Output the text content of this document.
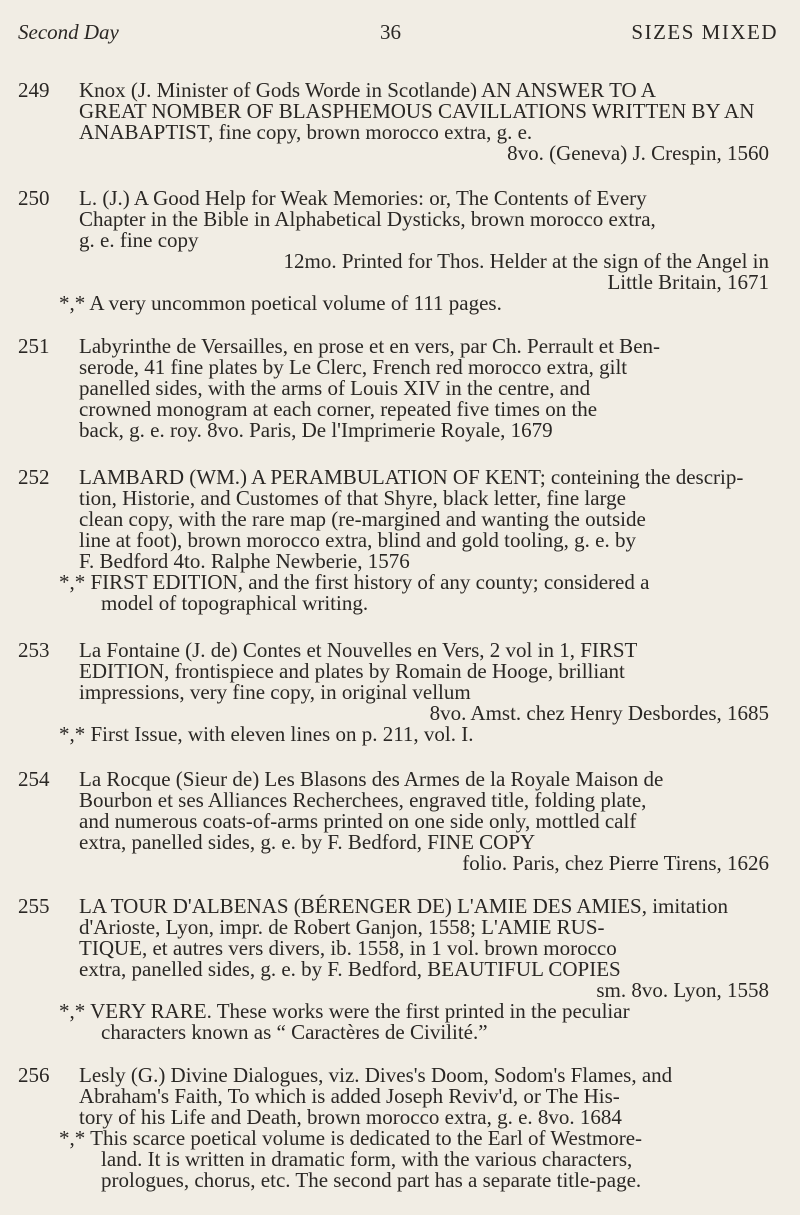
Second Day	36	SIZES MIXED
249	Knox (J. Minister of Gods Worde in Scotlande) AN ANSWER TO A
GREAT NOMBER OF BLASPHEMOUS CAVILLATIONS WRITTEN BY AN
ANABAPTIST, fine copy, brown morocco extra, g. e.
8vo. (Geneva) J. Crespin, 1560
250	L. (J.) A Good Help for Weak Memories: or, The Contents of Every
Chapter in the Bible in Alphabetical Dysticks, brown morocco extra,
g. e. fine copy
12mo. Printed for Thos. Helder at the sign of the Angel in
Little Britain, 1671
*,* A very uncommon poetical volume of 111 pages.
251	Labyrinthe de Versailles, en prose et en vers, par Ch. Perrault et Ben-
serode, 41 fine plates by Le Clerc, French red morocco extra, gilt
panelled sides, with the arms of Louis XIV in the centre, and
crowned monogram at each corner, repeated five times on the
back, g. e. roy. 8vo. Paris, De l'Imprimerie Royale, 1679
252	LAMBARD (WM.) A PERAMBULATION OF KENT; conteining the descrip-
tion, Historie, and Customes of that Shyre, black letter, fine large
clean copy, with the rare map (re-margined and wanting the outside
line at foot), brown morocco extra, blind and gold tooling, g. e. by
F. Bedford 4to. Ralphe Newberie, 1576
*,* FIRST EDITION, and the first history of any county; considered a
model of topographical writing.
253	La Fontaine (J. de) Contes et Nouvelles en Vers, 2 vol in 1, FIRST
EDITION, frontispiece and plates by Romain de Hooge, brilliant
impressions, very fine copy, in original vellum
8vo. Amst. chez Henry Desbordes, 1685
*,* First Issue, with eleven lines on p. 211, vol. I.
254	La Rocque (Sieur de) Les Blasons des Armes de la Royale Maison de
Bourbon et ses Alliances Recherchees, engraved title, folding plate,
and numerous coats-of-arms printed on one side only, mottled calf
extra, panelled sides, g. e. by F. Bedford, FINE COPY
folio. Paris, chez Pierre Tirens, 1626
255	LA TOUR D'ALBENAS (BÉRENGER DE) L'AMIE DES AMIES, imitation
d'Arioste, Lyon, impr. de Robert Ganjon, 1558; L'AMIE RUS-
TIQUE, et autres vers divers, ib. 1558, in 1 vol. brown morocco
extra, panelled sides, g. e. by F. Bedford, BEAUTIFUL COPIES
sm. 8vo. Lyon, 1558
*,* VERY RARE. These works were the first printed in the peculiar
characters known as “ Caractères de Civilité.”
256	Lesly (G.) Divine Dialogues, viz. Dives's Doom, Sodom's Flames, and
Abraham's Faith, To which is added Joseph Reviv'd, or The His-
tory of his Life and Death, brown morocco extra, g. e. 8vo. 1684
*,* This scarce poetical volume is dedicated to the Earl of Westmore-
land. It is written in dramatic form, with the various characters,
prologues, chorus, etc. The second part has a separate title-page.
